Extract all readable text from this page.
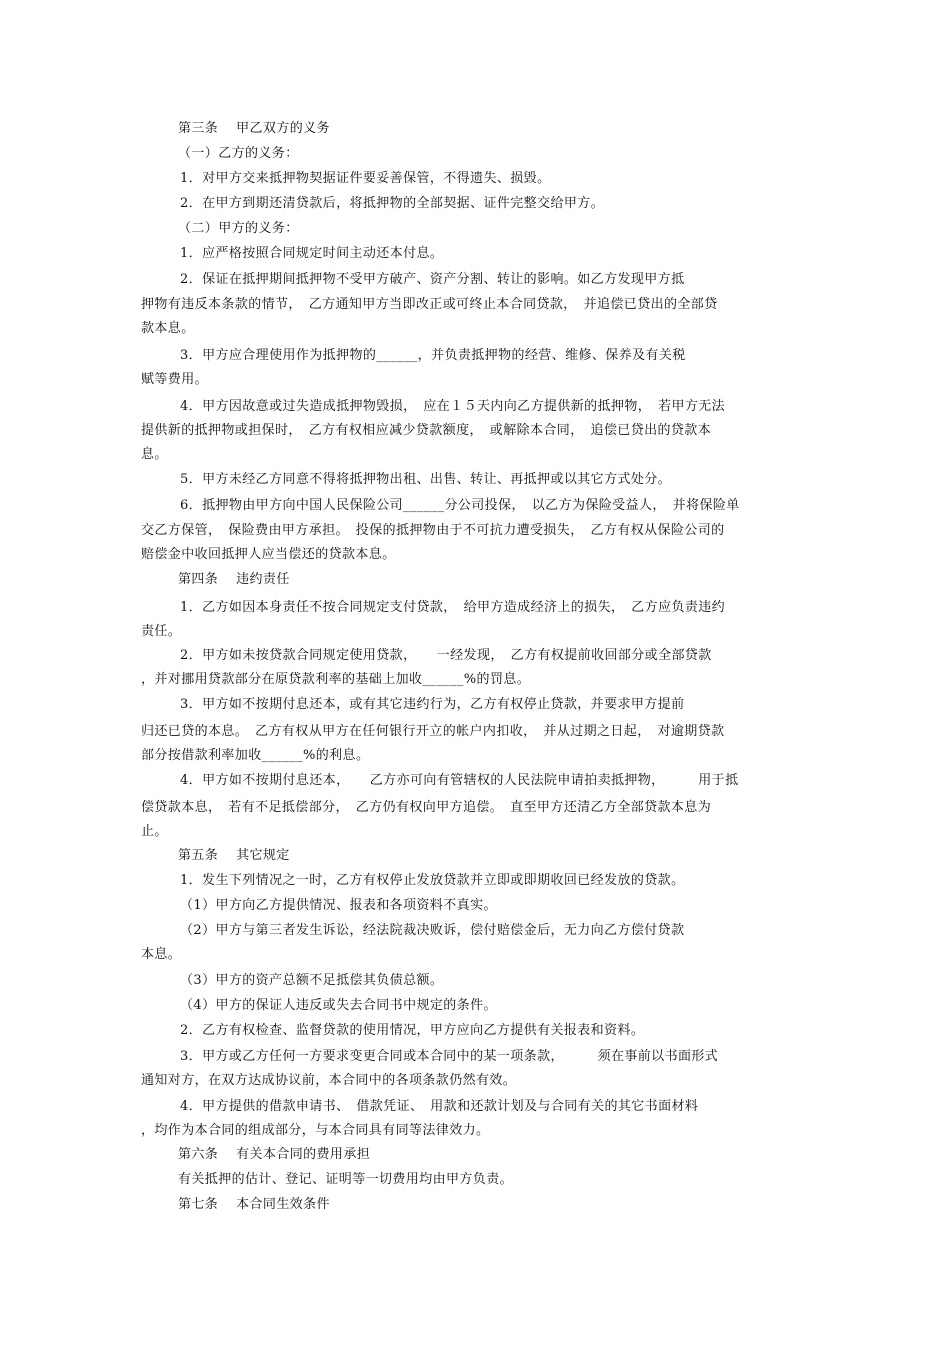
第三条　 甲乙双方的义务
（一）乙方的义务：
1．对甲方交来抵押物契据证件要妥善保管，不得遗失、损毁。
2．在甲方到期还清贷款后，将抵押物的全部契据、证件完整交给甲方。
（二）甲方的义务：
1．应严格按照合同规定时间主动还本付息。
2．保证在抵押期间抵押物不受甲方破产、资产分割、转让的影响。如乙方发现甲方抵
押物有违反本条款的情节，　乙方通知甲方当即改正或可终止本合同贷款，　并追偿已贷出的全部贷
款本息。
3．甲方应合理使用作为抵押物的______，并负责抵押物的经营、维修、保养及有关税
赋等费用。
4．甲方因故意或过失造成抵押物毁损，　应在１５天内向乙方提供新的抵押物，　若甲方无法
提供新的抵押物或担保时，　乙方有权相应减少贷款额度，　或解除本合同，　追偿已贷出的贷款本
息。
5．甲方未经乙方同意不得将抵押物出租、出售、转让、再抵押或以其它方式处分。
6．抵押物由甲方向中国人民保险公司______分公司投保，　以乙方为保险受益人，　并将保险单
交乙方保管，　保险费由甲方承担。　投保的抵押物由于不可抗力遭受损失，　乙方有权从保险公司的
赔偿金中收回抵押人应当偿还的贷款本息。
第四条　 违约责任
1．乙方如因本身责任不按合同规定支付贷款，　给甲方造成经济上的损失，　乙方应负责违约
责任。
2．甲方如未按贷款合同规定使用贷款，　　一经发现，　乙方有权提前收回部分或全部贷款
，并对挪用贷款部分在原贷款利率的基础上加收______%的罚息。
3．甲方如不按期付息还本，或有其它违约行为，乙方有权停止贷款，并要求甲方提前
归还已贷的本息。　乙方有权从甲方在任何银行开立的帐户内扣收，　并从过期之日起，　对逾期贷款
部分按借款利率加收______%的利息。
4．甲方如不按期付息还本，　　乙方亦可向有管辖权的人民法院申请拍卖抵押物，　　　用于抵
偿贷款本息，　若有不足抵偿部分，　乙方仍有权向甲方追偿。　直至甲方还清乙方全部贷款本息为
止。
第五条　 其它规定
1．发生下列情况之一时，乙方有权停止发放贷款并立即或即期收回已经发放的贷款。
（1）甲方向乙方提供情况、报表和各项资料不真实。
（2）甲方与第三者发生诉讼，经法院裁决败诉，偿付赔偿金后，无力向乙方偿付贷款
本息。
（3）甲方的资产总额不足抵偿其负债总额。
（4）甲方的保证人违反或失去合同书中规定的条件。
2．乙方有权检查、监督贷款的使用情况，甲方应向乙方提供有关报表和资料。
3．甲方或乙方任何一方要求变更合同或本合同中的某一项条款，　　　须在事前以书面形式
通知对方，在双方达成协议前，本合同中的各项条款仍然有效。
4．甲方提供的借款申请书、　借款凭证、　用款和还款计划及与合同有关的其它书面材料
，均作为本合同的组成部分，与本合同具有同等法律效力。
第六条　 有关本合同的费用承担
有关抵押的估计、登记、证明等一切费用均由甲方负责。
第七条　 本合同生效条件
